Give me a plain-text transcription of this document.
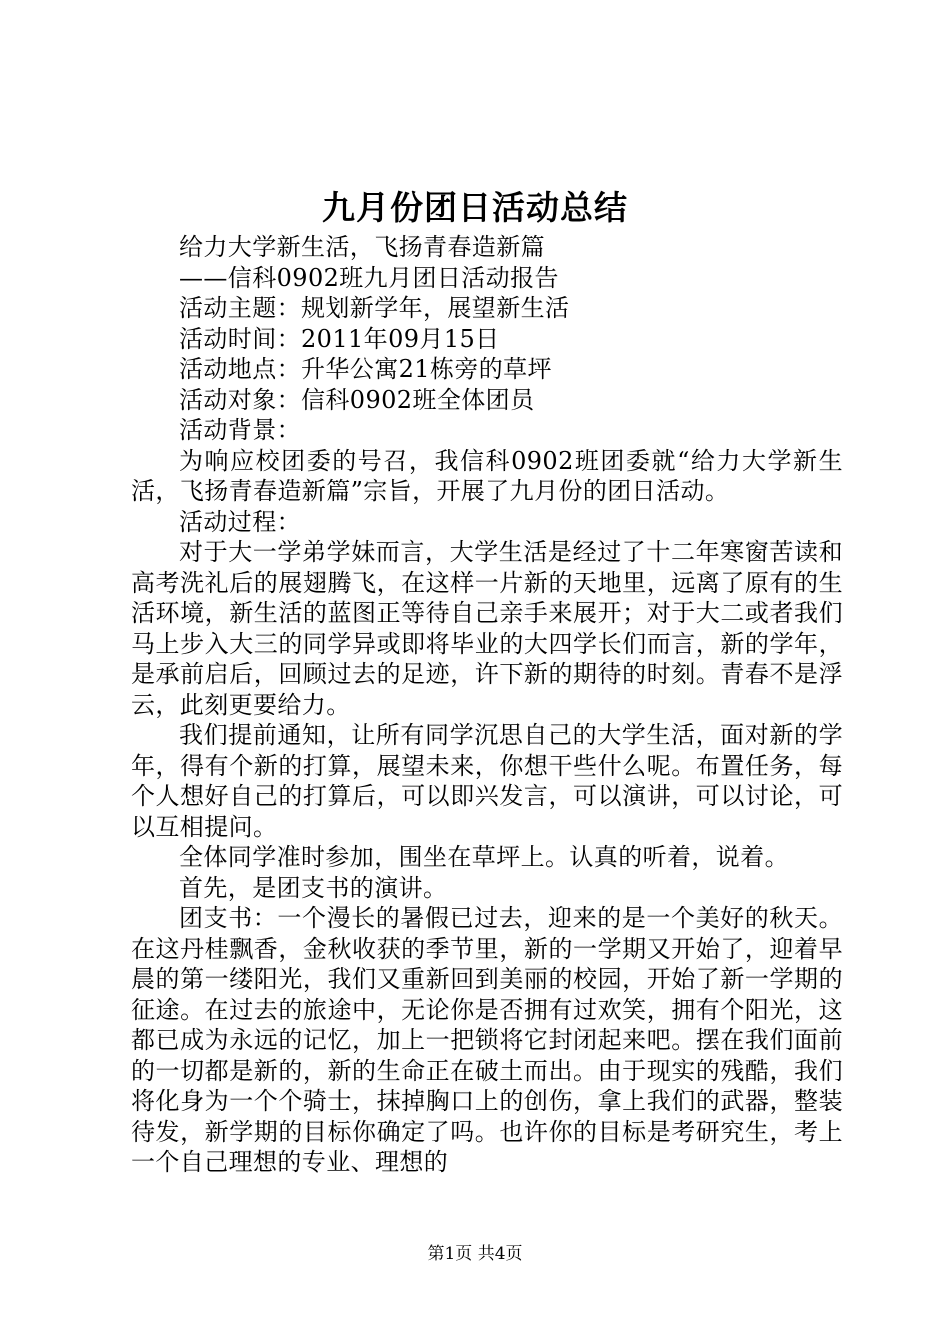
九月份团日活动总结

给力大学新生活，飞扬青春造新篇

——信科0902班九月团日活动报告

活动主题：规划新学年，展望新生活

活动时间：2011年09月15日

活动地点：升华公寓21栋旁的草坪

活动对象：信科0902班全体团员

活动背景：

为响应校团委的号召，我信科0902班团委就“给力大学新生活，飞扬青春造新篇”宗旨，开展了九月份的团日活动。

活动过程：

对于大一学弟学妹而言，大学生活是经过了十二年寒窗苦读和高考洗礼后的展翅腾飞，在这样一片新的天地里，远离了原有的生活环境，新生活的蓝图正等待自己亲手来展开；对于大二或者我们马上步入大三的同学异或即将毕业的大四学长们而言，新的学年，是承前启后，回顾过去的足迹，许下新的期待的时刻。青春不是浮云，此刻更要给力。

我们提前通知，让所有同学沉思自己的大学生活，面对新的学年，得有个新的打算，展望未来，你想干些什么呢。布置任务，每个人想好自己的打算后，可以即兴发言，可以演讲，可以讨论，可以互相提问。

全体同学准时参加，围坐在草坪上。认真的听着，说着。

首先，是团支书的演讲。

团支书：一个漫长的暑假已过去，迎来的是一个美好的秋天。在这丹桂飘香，金秋收获的季节里，新的一学期又开始了，迎着早晨的第一缕阳光，我们又重新回到美丽的校园，开始了新一学期的征途。在过去的旅途中，无论你是否拥有过欢笑，拥有个阳光，这都已成为永远的记忆，加上一把锁将它封闭起来吧。摆在我们面前的一切都是新的，新的生命正在破土而出。由于现实的残酷，我们将化身为一个个骑士，抹掉胸口上的创伤，拿上我们的武器，整装待发，新学期的目标你确定了吗。也许你的目标是考研究生，考上一个自己理想的专业、理想的

第1页 共4页
